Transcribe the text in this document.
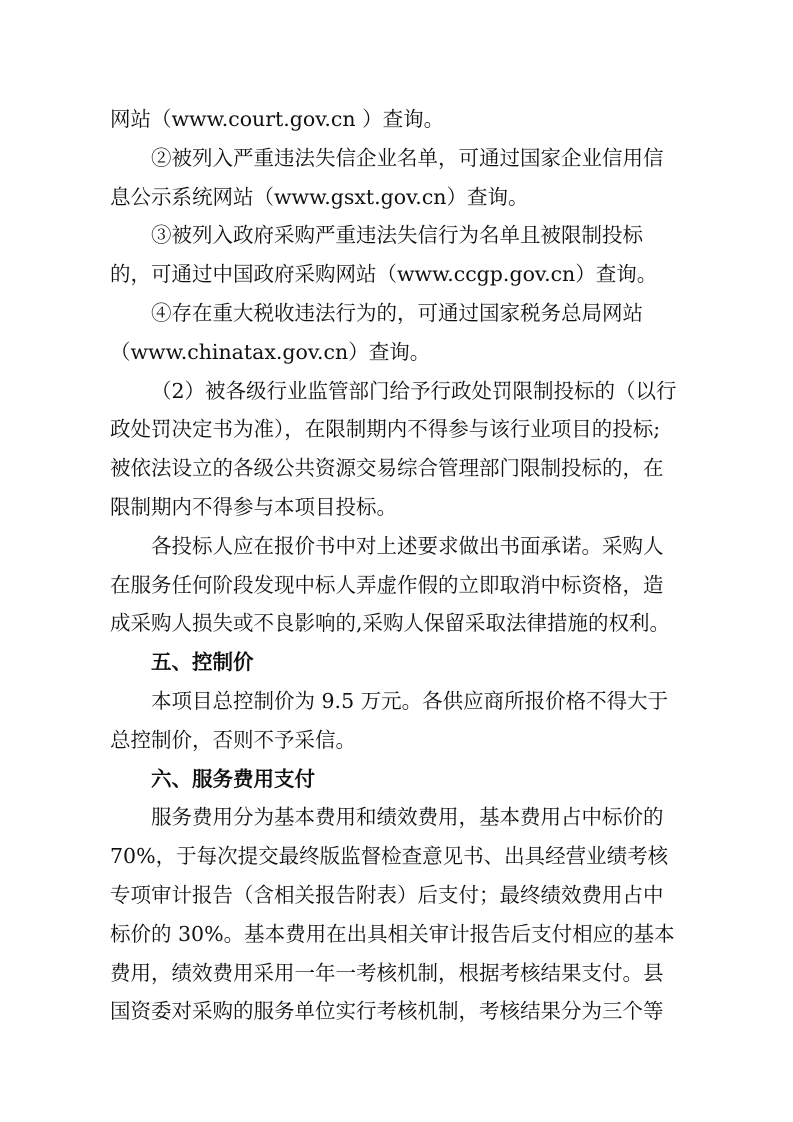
网站（www.court.gov.cn ）查询。
②被列入严重违法失信企业名单，可通过国家企业信用信
息公示系统网站（www.gsxt.gov.cn）查询。
③被列入政府采购严重违法失信行为名单且被限制投标
的，可通过中国政府采购网站（www.ccgp.gov.cn）查询。
④存在重大税收违法行为的，可通过国家税务总局网站
（www.chinatax.gov.cn）查询。
（2）被各级行业监管部门给予行政处罚限制投标的（以行
政处罚决定书为准），在限制期内不得参与该行业项目的投标;
被依法设立的各级公共资源交易综合管理部门限制投标的，在
限制期内不得参与本项目投标。
各投标人应在报价书中对上述要求做出书面承诺。采购人
在服务任何阶段发现中标人弄虚作假的立即取消中标资格，造
成采购人损失或不良影响的,采购人保留采取法律措施的权利。
五、控制价
本项目总控制价为 9.5 万元。各供应商所报价格不得大于
总控制价，否则不予采信。
六、服务费用支付
服务费用分为基本费用和绩效费用，基本费用占中标价的
70%，于每次提交最终版监督检查意见书、出具经营业绩考核
专项审计报告（含相关报告附表）后支付；最终绩效费用占中
标价的 30%。基本费用在出具相关审计报告后支付相应的基本
费用，绩效费用采用一年一考核机制，根据考核结果支付。县
国资委对采购的服务单位实行考核机制，考核结果分为三个等
